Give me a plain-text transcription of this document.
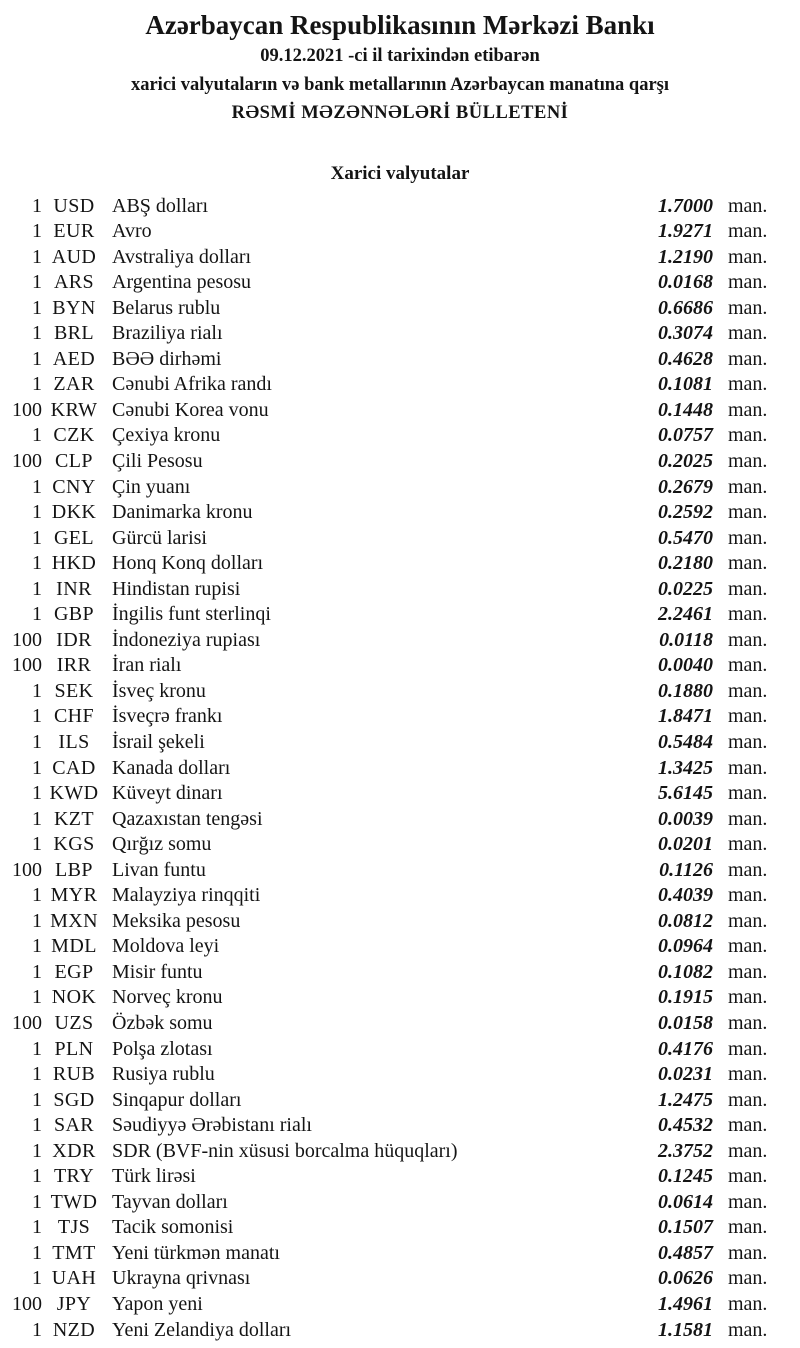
Azərbaycan Respublikasının Mərkəzi Bankı
09.12.2021 -ci il tarixindən etibarən
xarici valyutaların və bank metallarının Azərbaycan manatına qarşı
RƏSMİ MƏZƏNNƏLƏRİ BÜLLETENİ
Xarici valyutalar
1 USD ABŞ dolları	1.7000 man.
1 EUR Avro	1.9271 man.
1 AUD Avstraliya dolları	1.2190 man.
1 ARS Argentina pesosu	0.0168 man.
1 BYN Belarus rublu	0.6686 man.
1 BRL Braziliya rialı	0.3074 man.
1 AED BƏƏ dirhəmi	0.4628 man.
1 ZAR Cənubi Afrika randı	0.1081 man.
100 KRW Cənubi Korea vonu	0.1448 man.
1 CZK Çexiya kronu	0.0757 man.
100 CLP Çili Pesosu	0.2025 man.
1 CNY Çin yuanı	0.2679 man.
1 DKK Danimarka kronu	0.2592 man.
1 GEL Gürcü larisi	0.5470 man.
1 HKD Honq Konq dolları	0.2180 man.
1 INR	Hindistan rupisi	0.0225 man.
1 GBP İngilis funt sterlinqi	2.2461 man.
100 IDR	İndoneziya rupiası	0.0118 man.
100 IRR	İran rialı	0.0040 man.
1 SEK İsveç kronu	0.1880 man.
1 CHF İsveçrə frankı	1.8471 man.
1 ILS	İsrail şekeli	0.5484 man.
1 CAD Kanada dolları	1.3425 man.
1 KWD Küveyt dinarı	5.6145 man.
1 KZT Qazaxıstan tengəsi	0.0039 man.
1 KGS Qırğız somu	0.0201 man.
100 LBP Livan funtu	0.1126 man.
1 MYR Malayziya rinqqiti	0.4039 man.
1 MXN Meksika pesosu	0.0812 man.
1 MDL Moldova leyi	0.0964 man.
1 EGP Misir funtu	0.1082 man.
1 NOK Norveç kronu	0.1915 man.
100 UZS Özbək somu	0.0158 man.
1 PLN Polşa zlotası	0.4176 man.
1 RUB Rusiya rublu	0.0231 man.
1 SGD Sinqapur dolları	1.2475 man.
1 SAR Səudiyyə Ərəbistanı rialı	0.4532 man.
1 XDR SDR (BVF-nin xüsusi borcalma hüquqları)	2.3752 man.
1 TRY Türk lirəsi	0.1245 man.
1 TWD Tayvan dolları	0.0614 man.
1 TJS	Tacik somonisi	0.1507 man.
1 TMT Yeni türkmən manatı	0.4857 man.
1 UAH Ukrayna qrivnası	0.0626 man.
100 JPY	Yapon yeni	1.4961 man.
1 NZD Yeni Zelandiya dolları	1.1581 man.
